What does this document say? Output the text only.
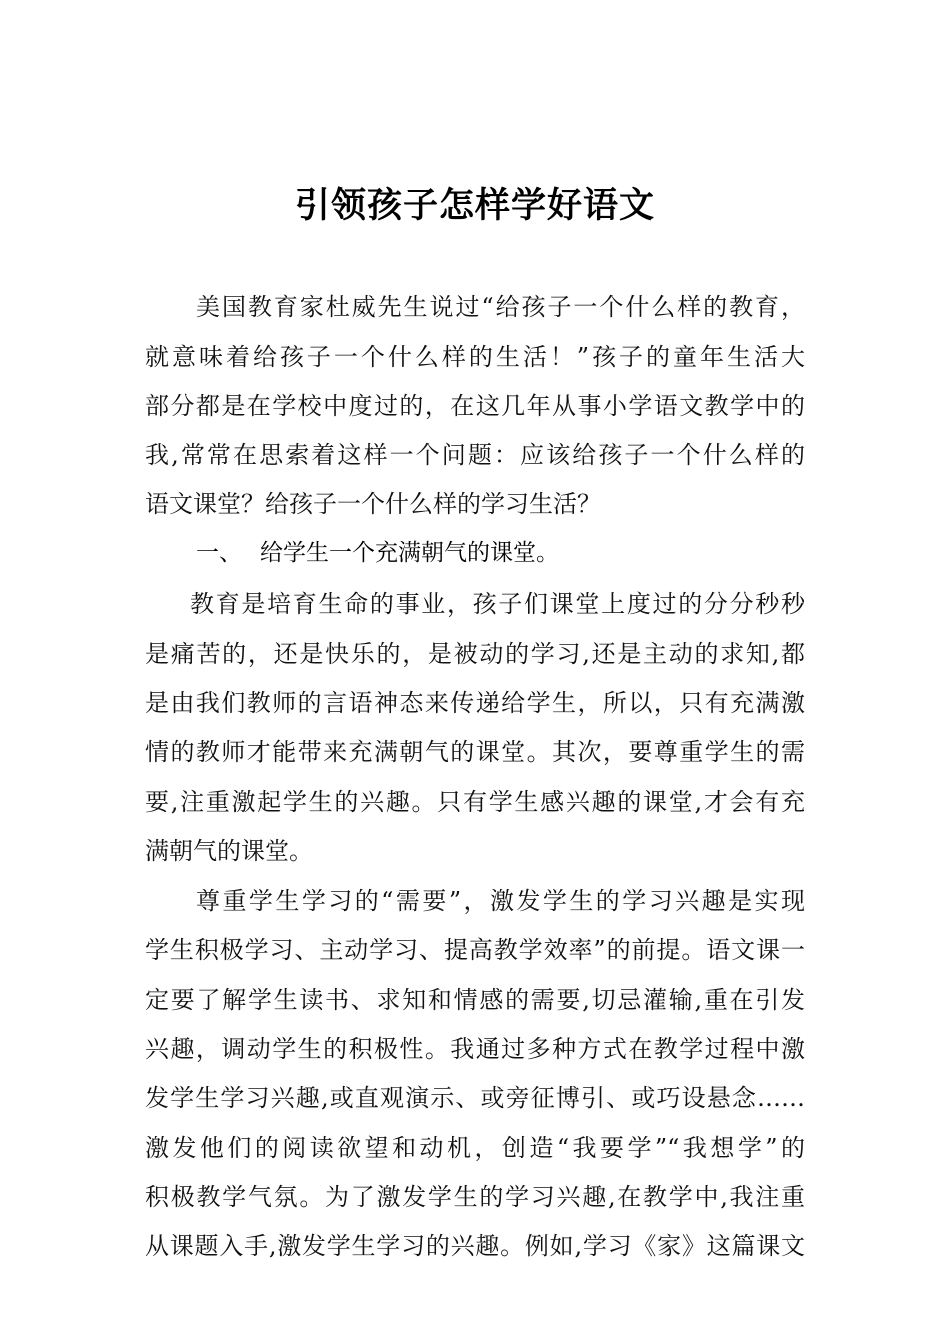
引领孩子怎样学好语文
美国教育家杜威先生说过“给孩子一个什么样的教育，
就意味着给孩子一个什么样的生活！”孩子的童年生活大
部分都是在学校中度过的，在这几年从事小学语文教学中的
我,常常在思索着这样一个问题：应该给孩子一个什么样的
语文课堂？给孩子一个什么样的学习生活？
一、 给学生一个充满朝气的课堂。
教育是培育生命的事业，孩子们课堂上度过的分分秒秒
是痛苦的，还是快乐的，是被动的学习,还是主动的求知,都
是由我们教师的言语神态来传递给学生，所以，只有充满激
情的教师才能带来充满朝气的课堂。其次，要尊重学生的需
要,注重激起学生的兴趣。只有学生感兴趣的课堂,才会有充
满朝气的课堂。
尊重学生学习的“需要”，激发学生的学习兴趣是实现
学生积极学习、主动学习、提高教学效率”的前提。语文课一
定要了解学生读书、求知和情感的需要,切忌灌输,重在引发
兴趣，调动学生的积极性。我通过多种方式在教学过程中激
发学生学习兴趣,或直观演示、或旁征博引、或巧设悬念……
激发他们的阅读欲望和动机，创造“我要学”“我想学”的
积极教学气氛。为了激发学生的学习兴趣,在教学中,我注重
从课题入手,激发学生学习的兴趣。例如,学习《家》这篇课文
